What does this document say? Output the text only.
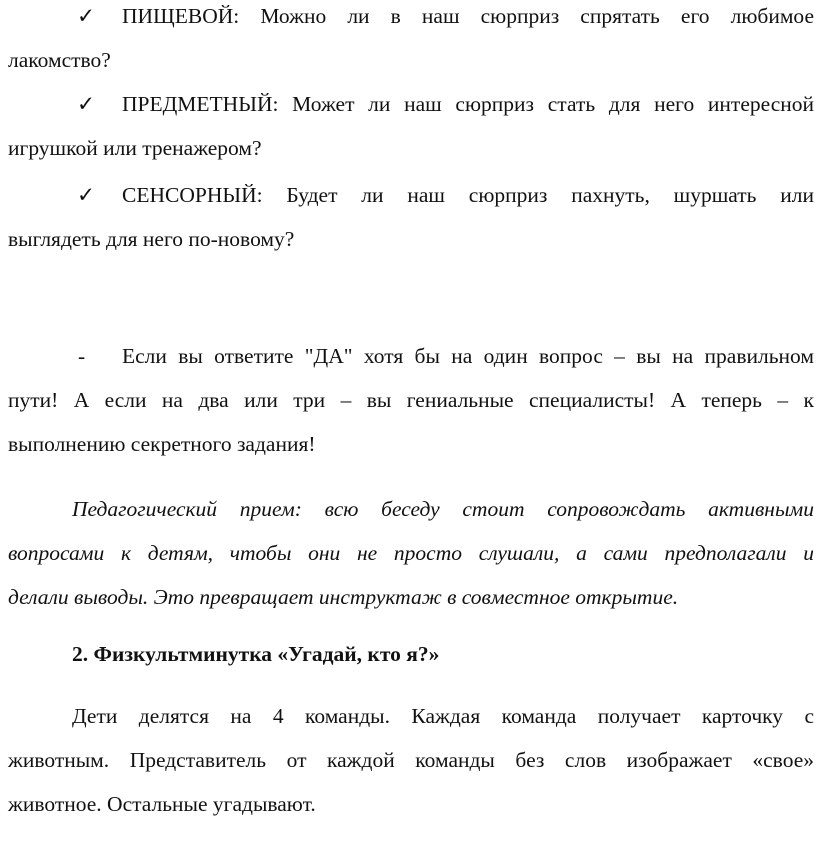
✓ ПИЩЕВОЙ: Можно ли в наш сюрприз спрятать его любимое
лакомство?
✓ ПРЕДМЕТНЫЙ: Может ли наш сюрприз стать для него интересной
игрушкой или тренажером?
✓ СЕНСОРНЫЙ: Будет ли наш сюрприз пахнуть, шуршать или
выглядеть для него по-новому?
- Если вы ответите "ДА" хотя бы на один вопрос – вы на правильном
пути! А если на два или три – вы гениальные специалисты! А теперь – к
выполнению секретного задания!
Педагогический прием: всю беседу стоит сопровождать активными
вопросами к детям, чтобы они не просто слушали, а сами предполагали и
делали выводы. Это превращает инструктаж в совместное открытие.
2. Физкультминутка «Угадай, кто я?»
Дети делятся на 4 команды. Каждая команда получает карточку с
животным. Представитель от каждой команды без слов изображает «свое»
животное. Остальные угадывают.
